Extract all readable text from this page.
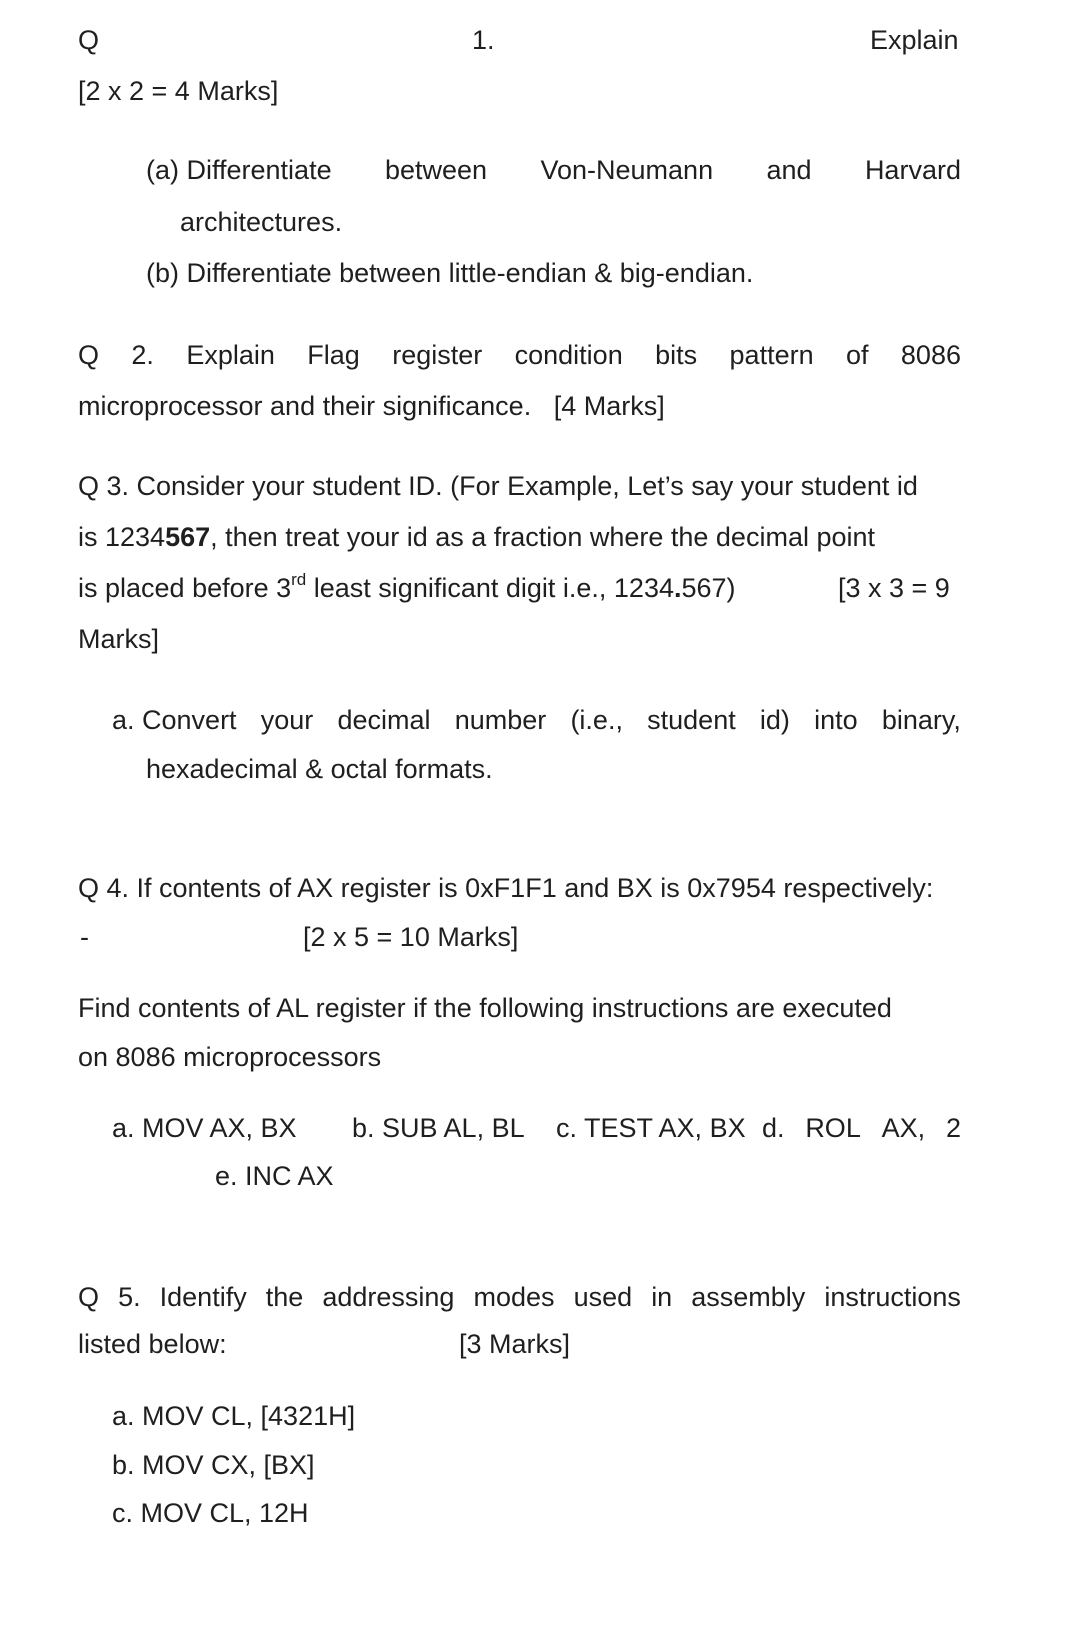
Q	1.	Explain
[2 x 2 = 4 Marks]
(a) Differentiate between Von-Neumann and Harvard
architectures.
(b) Differentiate between little-endian & big-endian.
Q 2. Explain Flag register condition bits pattern of 8086
microprocessor and their significance.   [4 Marks]
Q 3. Consider your student ID. (For Example, Let’s say your student id
is 1234567, then treat your id as a fraction where the decimal point
is placed before 3rd least significant digit i.e., 1234.567)	[3 x 3 = 9
Marks]
a. Convert your decimal number (i.e., student id) into binary,
hexadecimal & octal formats.
Q 4. If contents of AX register is 0xF1F1 and BX is 0x7954 respectively:
-	[2 x 5 = 10 Marks]
Find contents of AL register if the following instructions are executed
on 8086 microprocessors
a. MOV AX, BX b. SUB AL, BL c. TEST AX, BX d. ROL AX, 2
e. INC AX
Q 5. Identify the addressing modes used in assembly instructions
listed below:	[3 Marks]
a. MOV CL, [4321H]
b. MOV CX, [BX]
c. MOV CL, 12H
